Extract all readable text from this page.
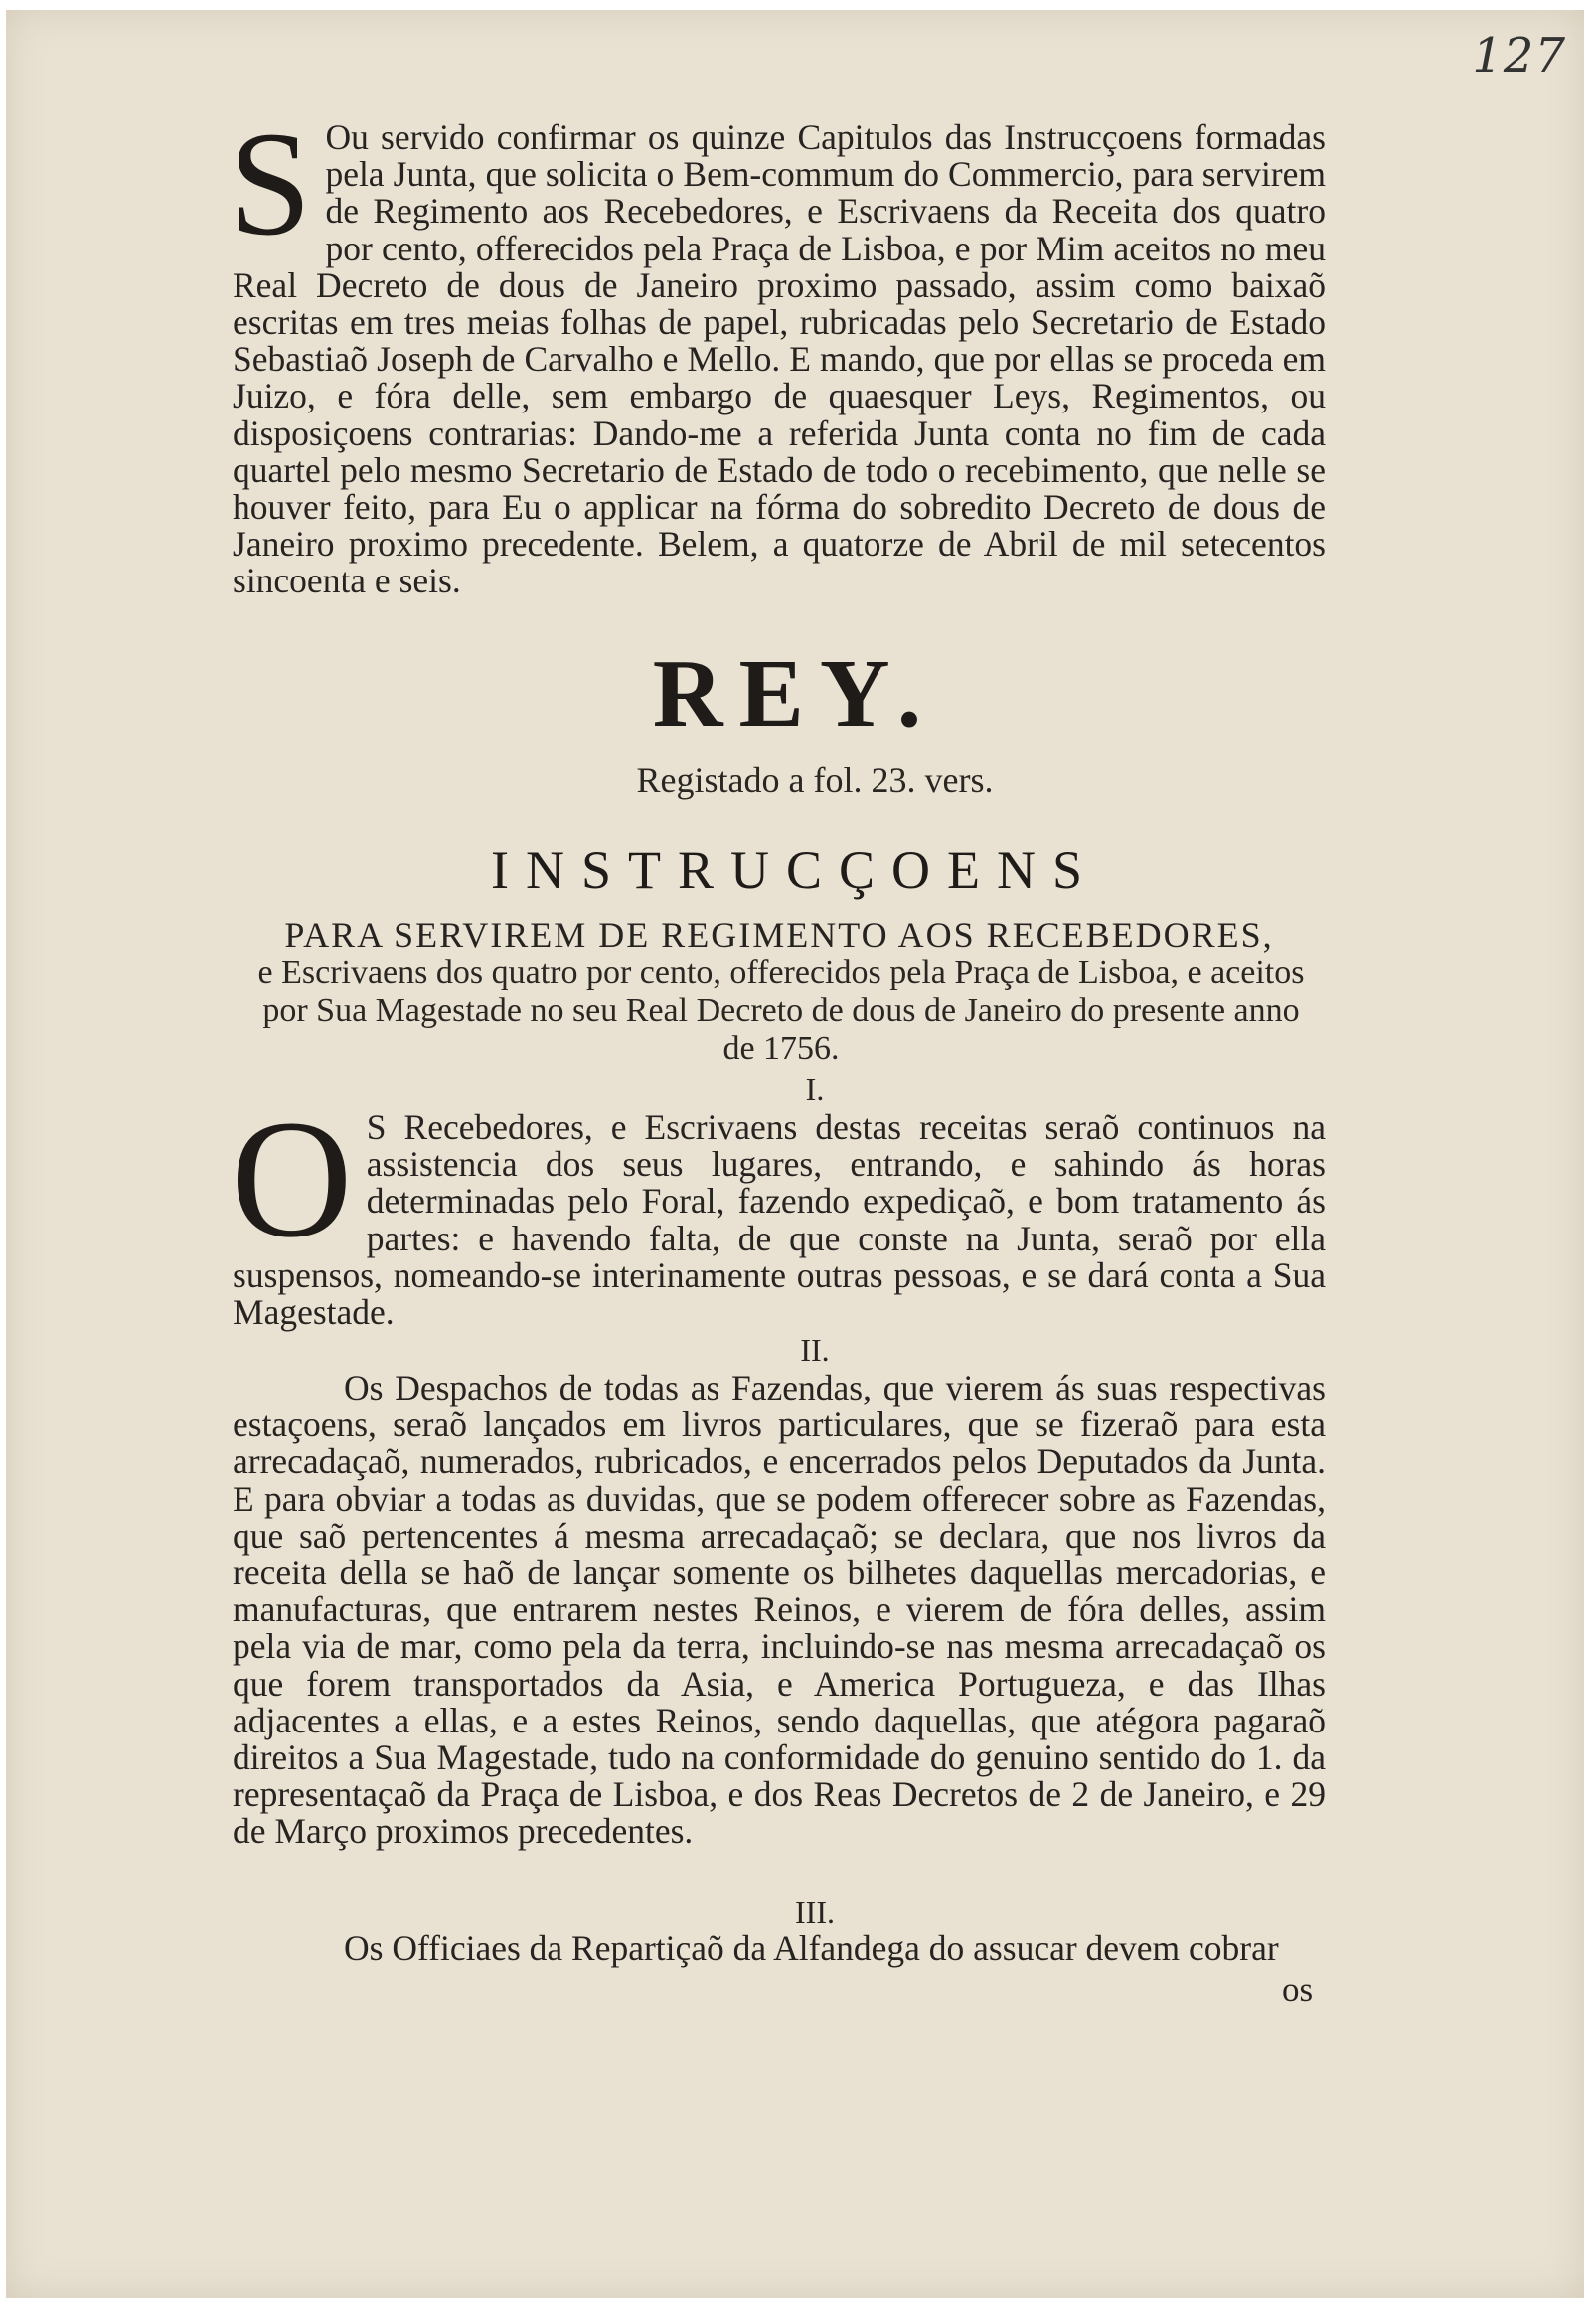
127
S Ou servido confirmar os quinze Capitulos das Instrucçoens formadas pela Junta, que solicita o Bem-commum do Commercio, para servirem de Regimento aos Recebedores, e Escrivaens da Receita dos quatro por cento, offerecidos pela Praça de Lisboa, e por Mim aceitos no meu Real Decreto de dous de Janeiro proximo passado, assim como baixaõ escritas em tres meias folhas de papel, rubricadas pelo Secretario de Estado Sebastiaõ Joseph de Carvalho e Mello. E mando, que por ellas se proceda em Juizo, e fóra delle, sem embargo de quaesquer Leys, Regimentos, ou disposiçoens contrarias: Dando-me a referida Junta conta no fim de cada quartel pelo mesmo Secretario de Estado de todo o recebimento, que nelle se houver feito, para Eu o applicar na fórma do sobredito Decreto de dous de Janeiro proximo precedente. Belem, a quatorze de Abril de mil setecentos sincoenta e seis.
REY.
Registado a fol. 23. vers.
INSTRUCÇOENS
PARA SERVIREM DE REGIMENTO AOS RECEBEDORES,
e Escrivaens dos quatro por cento, offerecidos pela Praça de Lisboa, e aceitos por Sua Magestade no seu Real Decreto de dous de Janeiro do presente anno de 1756.
I.
O S Recebedores, e Escrivaens destas receitas seraõ continuos na assistencia dos seus lugares, entrando, e sahindo ás horas determinadas pelo Foral, fazendo expediçaõ, e bom tratamento ás partes: e havendo falta, de que conste na Junta, seraõ por ella suspensos, nomeando-se interinamente outras pessoas, e se dará conta a Sua Magestade.
II.
Os Despachos de todas as Fazendas, que vierem ás suas respectivas estaçoens, seraõ lançados em livros particulares, que se fizeraõ para esta arrecadaçaõ, numerados, rubricados, e encerrados pelos Deputados da Junta. E para obviar a todas as duvidas, que se podem offerecer sobre as Fazendas, que saõ pertencentes á mesma arrecadaçaõ; se declara, que nos livros da receita della se haõ de lançar somente os bilhetes daquellas mercadorias, e manufacturas, que entrarem nestes Reinos, e vierem de fóra delles, assim pela via de mar, como pela da terra, incluindo-se nas mesma arrecadaçaõ os que forem transportados da Asia, e America Portugueza, e das Ilhas adjacentes a ellas, e a estes Reinos, sendo daquellas, que atégora pagaraõ direitos a Sua Magestade, tudo na conformidade do genuino sentido do 1. da representaçaõ da Praça de Lisboa, e dos Reas Decretos de 2 de Janeiro, e 29 de Março proximos precedentes.
III.
Os Officiaes da Repartiçaõ da Alfandega do assucar devem cobrar
os
